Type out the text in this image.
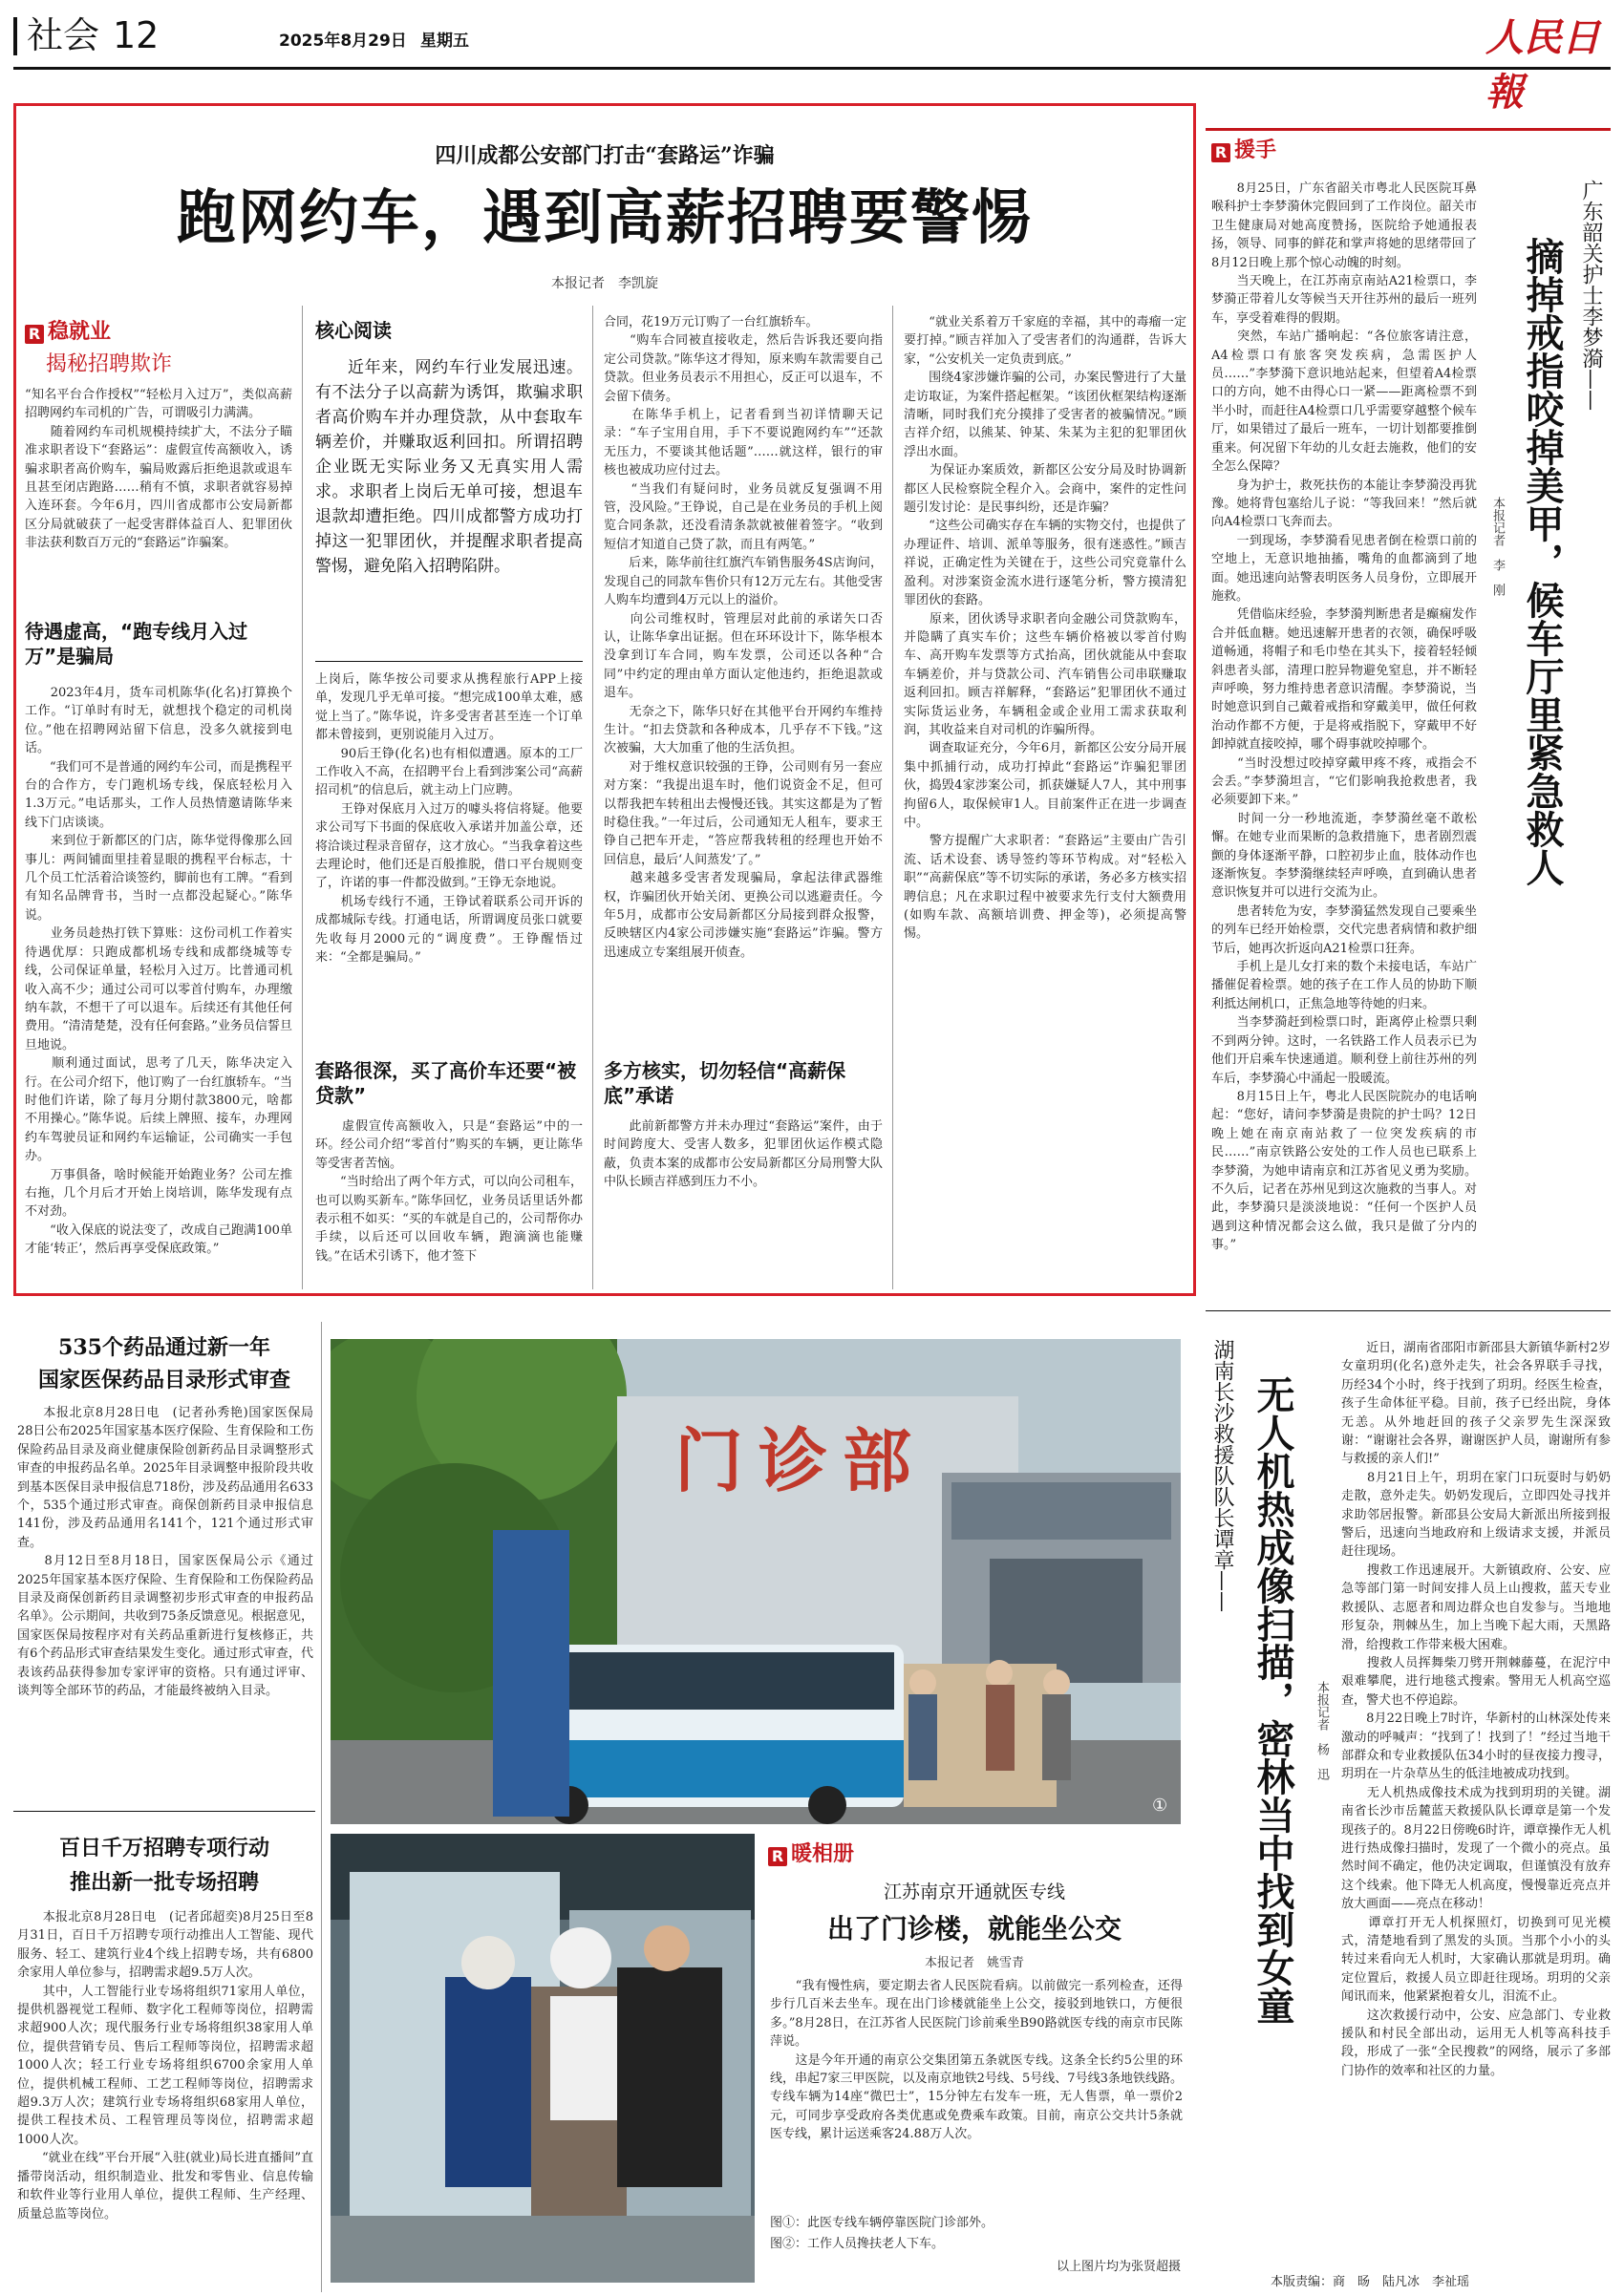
社会 12	2025年8月29日 星期五	人民日報
四川成都公安部门打击“套路运”诈骗
跑网约车，遇到高薪招聘要警惕
本报记者　李凯旋
R 稳就业
揭秘招聘欺诈
“知名平台合作授权”“轻松月入过万”，类似高薪招聘网约车司机的广告，可谓吸引力满满。
　　随着网约车司机规模持续扩大，不法分子瞄准求职者设下“套路运”：虚假宣传高额收入，诱骗求职者高价购车，骗局败露后拒绝退款或退车且甚至闭店跑路……稍有不慎，求职者就容易掉入连环套。今年6月，四川省成都市公安局新都区分局就破获了一起受害群体益百人、犯罪团伙非法获利数百万元的“套路运”诈骗案。
待遇虚高，“跑专线月入过万”是骗局
　　2023年4月，货车司机陈华(化名)打算换个工作。“订单时有时无，就想找个稳定的司机岗位。”他在招聘网站留下信息，没多久就接到电话。
　　“我们可不是普通的网约车公司，而是携程平台的合作方，专门跑机场专线，保底轻松月入1.3万元。”电话那头，工作人员热情邀请陈华来线下门店谈谈。
　　来到位于新都区的门店，陈华觉得像那么回事儿：两间铺面里挂着显眼的携程平台标志，十几个员工忙活着洽谈签约，脚前也有工牌。“看到有知名品牌背书，当时一点都没起疑心。”陈华说。
　　业务员趁热打铁下算账：这份司机工作着实待遇优厚：只跑成都机场专线和成都绕城等专线，公司保证单量，轻松月入过万。比普通司机收入高不少；通过公司可以零首付购车，办理缴纳车款，不想干了可以退车。后续还有其他任何费用。“清清楚楚，没有任何套路。”业务员信誓旦旦地说。
　　顺利通过面试，思考了几天，陈华决定入行。在公司介绍下，他订购了一台红旗轿车。“当时他们许诺，除了每月分期付款3800元，啥都不用操心。”陈华说。后续上牌照、接车，办理网约车驾驶员证和网约车运输证，公司确实一手包办。
　　万事俱备，啥时候能开始跑业务？公司左推右拖，几个月后才开始上岗培训，陈华发现有点不对劲。
　　“收入保底的说法变了，改成自己跑满100单才能‘转正’，然后再享受保底政策。”
核心阅读
近年来，网约车行业发展迅速。有不法分子以高薪为诱饵，欺骗求职者高价购车并办理贷款，从中套取车辆差价，并赚取返利回扣。所谓招聘企业既无实际业务又无真实用人需求。求职者上岗后无单可接，想退车退款却遭拒绝。四川成都警方成功打掉这一犯罪团伙，并提醒求职者提高警惕，避免陷入招聘陷阱。
上岗后，陈华按公司要求从携程旅行APP上接单，发现几乎无单可接。“想完成100单太难，感觉上当了。”陈华说，许多受害者甚至连一个订单都未曾接到，更别说能月入过万。
　　90后王铮(化名)也有相似遭遇。原本的工厂工作收入不高，在招聘平台上看到涉案公司“高薪招司机”的信息后，就主动上门应聘。
　　王铮对保底月入过万的噱头将信将疑。他要求公司写下书面的保底收入承诺并加盖公章，还将洽谈过程录音留存，这才放心。“当我拿着这些去理论时，他们还是百般推脱，借口平台规则变了，许诺的事一件都没做到。”王铮无奈地说。
　　机场专线行不通，王铮试着联系公司开诉的成都城际专线。打通电话，所谓调度员张口就要先收每月2000元的“调度费”。王铮醒悟过来：“全都是骗局。”
套路很深，买了高价车还要“被贷款”
　　虚假宣传高额收入，只是“套路运”中的一环。经公司介绍“零首付”购买的车辆，更让陈华等受害者苦恼。
　　“当时给出了两个年方式，可以向公司租车，也可以购买新车。”陈华回忆，业务员话里话外都表示租不如买：“买的车就是自己的，公司帮你办手续，以后还可以回收车辆，跑滴滴也能赚钱。”在话术引诱下，他才签下
合同，花19万元订购了一台红旗轿车。
　　“购车合同被直接收走，然后告诉我还要向指定公司贷款。”陈华这才得知，原来购车款需要自己贷款。但业务员表示不用担心，反正可以退车，不会留下债务。
　　在陈华手机上，记者看到当初详情聊天记录：“车子宝用自用，手下不要说跑网约车”“还款无压力，不要谈其他话题”……就这样，银行的审核也被成功应付过去。
　　“当我们有疑问时，业务员就反复强调不用管，没风险。”王铮说，自己是在业务员的手机上阅览合同条款，还没看清条款就被催着签字。“收到短信才知道自己贷了款，而且有两笔。”
　　后来，陈华前往红旗汽车销售服务4S店询问，发现自己的同款车售价只有12万元左右。其他受害人购车均遭到4万元以上的溢价。
　　向公司维权时，管理层对此前的承诺矢口否认，让陈华拿出证据。但在环环设计下，陈华根本没拿到订车合同，购车发票，公司还以各种“合同”中约定的理由单方面认定他违约，拒绝退款或退车。
　　无奈之下，陈华只好在其他平台开网约车维持生计。“扣去贷款和各种成本，几乎存不下钱。”这次被骗，大大加重了他的生活负担。
　　对于维权意识较强的王铮，公司则有另一套应对方案：“我提出退车时，他们说资金不足，但可以帮我把车转租出去慢慢还钱。其实这都是为了暂时稳住我。”一年过后，公司通知无人租车，要求王铮自己把车开走，“答应帮我转租的经理也开始不回信息，最后‘人间蒸发’了。”
　　越来越多受害者发现骗局，拿起法律武器维权，诈骗团伙开始关闭、更换公司以逃避责任。今年5月，成都市公安局新都区分局接到群众报警，反映辖区内4家公司涉嫌实施“套路运”诈骗。警方迅速成立专案组展开侦查。
多方核实，切勿轻信“高薪保底”承诺
　　此前新都警方并未办理过“套路运”案件，由于时间跨度大、受害人数多，犯罪团伙运作模式隐蔽，负责本案的成都市公安局新都区分局刑警大队中队长顾吉祥感到压力不小。
　　“就业关系着万千家庭的幸福，其中的毒瘤一定要打掉。”顾吉祥加入了受害者们的沟通群，告诉大家，“公安机关一定负责到底。”
　　围绕4家涉嫌诈骗的公司，办案民警进行了大量走访取证，为案件搭起框架。“该团伙框架结构逐渐清晰，同时我们充分摸排了受害者的被骗情况。”顾吉祥介绍，以熊某、钟某、朱某为主犯的犯罪团伙浮出水面。
　　为保证办案质效，新都区公安分局及时协调新都区人民检察院全程介入。会商中，案件的定性问题引发讨论：是民事纠纷，还是诈骗？
　　“这些公司确实存在车辆的实物交付，也提供了办理证件、培训、派单等服务，很有迷惑性。”顾吉祥说，正确定性为关键在于，这些公司究竟靠什么盈利。对涉案资金流水进行逐笔分析，警方摸清犯罪团伙的套路。
　　原来，团伙诱导求职者向金融公司贷款购车，并隐瞒了真实车价；这些车辆价格被以零首付购车、高开购车发票等方式抬高，团伙就能从中套取车辆差价，并与贷款公司、汽车销售公司串联赚取返利回扣。顾吉祥解释，“套路运”犯罪团伙不通过实际货运业务，车辆租金或企业用工需求获取利润，其收益来自对司机的诈骗所得。
　　调查取证充分，今年6月，新都区公安分局开展集中抓捕行动，成功打掉此“套路运”诈骗犯罪团伙，捣毁4家涉案公司，抓获嫌疑人7人，其中刑事拘留6人，取保候审1人。目前案件正在进一步调查中。
　　警方提醒广大求职者：“套路运”主要由广告引流、话术设套、诱导签约等环节构成。对“轻松入职”“高薪保底”等不切实际的承诺，务必多方核实招聘信息；凡在求职过程中被要求先行支付大额费用(如购车款、高额培训费、押金等)，必须提高警惕。
R 援手
广东韶关护士李梦漪——
摘掉戒指咬掉美甲，候车厅里紧急救人
本报记者　李　刚
　　8月25日，广东省韶关市粤北人民医院耳鼻喉科护士李梦漪休完假回到了工作岗位。韶关市卫生健康局对她高度赞扬，医院给予她通报表扬，领导、同事的鲜花和掌声将她的思绪带回了8月12日晚上那个惊心动魄的时刻。
　　当天晚上，在江苏南京南站A21检票口，李梦漪正带着儿女等候当天开往苏州的最后一班列车，享受着难得的假期。
　　突然，车站广播响起：“各位旅客请注意，A4检票口有旅客突发疾病，急需医护人员……”李梦漪下意识地站起来，但望着A4检票口的方向，她不由得心口一紧——距离检票不到半小时，而赶往A4检票口几乎需要穿越整个候车厅，如果错过了最后一班车，一切计划都要推倒重来。何况留下年幼的儿女赶去施救，他们的安全怎么保障？
　　身为护士，救死扶伤的本能让李梦漪没再犹豫。她将背包塞给儿子说：“等我回来！”然后就向A4检票口飞奔而去。
　　一到现场，李梦漪看见患者倒在检票口前的空地上，无意识地抽搐，嘴角的血都滴到了地面。她迅速向站警表明医务人员身份，立即展开施救。
　　凭借临床经验，李梦漪判断患者是癫痫发作合并低血糖。她迅速解开患者的衣领，确保呼吸道畅通，将帽子和毛巾垫在其头下，接着轻轻倾斜患者头部，清理口腔异物避免窒息，并不断轻声呼唤，努力维持患者意识清醒。李梦漪说，当时她意识到自己戴着戒指和穿戴美甲，做任何救治动作都不方便，于是将戒指脱下，穿戴甲不好卸掉就直接咬掉，哪个碍事就咬掉哪个。
　　“当时没想过咬掉穿戴甲疼不疼，戒指会不会丢。”李梦漪坦言，“它们影响我抢救患者，我必须要卸下来。”
　　时间一分一秒地流逝，李梦漪丝毫不敢松懈。在她专业而果断的急救措施下，患者剧烈震颤的身体逐渐平静，口腔初步止血，肢体动作也逐渐恢复。李梦漪继续轻声呼唤，直到确认患者意识恢复并可以进行交流为止。
　　患者转危为安，李梦漪猛然发现自己要乘坐的列车已经开始检票，交代完患者病情和救护细节后，她再次折返向A21检票口狂奔。
　　手机上是儿女打来的数个未接电话，车站广播催促着检票。她的孩子在工作人员的协助下顺利抵达闸机口，正焦急地等待她的归来。
　　当李梦漪赶到检票口时，距离停止检票只剩不到两分钟。这时，一名铁路工作人员表示已为他们开启乘车快速通道。顺利登上前往苏州的列车后，李梦漪心中涌起一股暖流。
　　8月15日上午，粤北人民医院院办的电话响起：“您好，请问李梦漪是贵院的护士吗？12日晚上她在南京南站救了一位突发疾病的市民……”南京铁路公安处的工作人员也已联系上李梦漪，为她申请南京和江苏省见义勇为奖励。不久后，记者在苏州见到这次施救的当事人。对此，李梦漪只是淡淡地说：“任何一个医护人员遇到这种情况都会这么做，我只是做了分内的事。”
535个药品通过新一年
国家医保药品目录形式审查
　　本报北京8月28日电　(记者孙秀艳)国家医保局28日公布2025年国家基本医疗保险、生育保险和工伤保险药品目录及商业健康保险创新药品目录调整形式审查的申报药品名单。2025年目录调整申报阶段共收到基本医保目录申报信息718份，涉及药品通用名633个，535个通过形式审查。商保创新药目录申报信息141份，涉及药品通用名141个，121个通过形式审查。
　　8月12日至8月18日，国家医保局公示《通过2025年国家基本医疗保险、生育保险和工伤保险药品目录及商保创新药目录调整初步形式审查的申报药品名单》。公示期间，共收到75条反馈意见。根据意见，国家医保局按程序对有关药品重新进行复核修正，共有6个药品形式审查结果发生变化。通过形式审查，代表该药品获得参加专家评审的资格。只有通过评审、谈判等全部环节的药品，才能最终被纳入目录。
百日千万招聘专项行动
推出新一批专场招聘
　　本报北京8月28日电　(记者邱超奕)8月25日至8月31日，百日千万招聘专项行动推出人工智能、现代服务、轻工、建筑行业4个线上招聘专场，共有6800余家用人单位参与，招聘需求超9.5万人次。
　　其中，人工智能行业专场将组织71家用人单位，提供机器视觉工程师、数字化工程师等岗位，招聘需求超900人次；现代服务行业专场将组织38家用人单位，提供营销专员、售后工程师等岗位，招聘需求超1000人次；轻工行业专场将组织6700余家用人单位，提供机械工程师、工艺工程师等岗位，招聘需求超9.3万人次；建筑行业专场将组织68家用人单位，提供工程技术员、工程管理员等岗位，招聘需求超1000人次。
　　“就业在线”平台开展“入驻(就业)局长进直播间”直播带岗活动，组织制造业、批发和零售业、信息传输和软件业等行业用人单位，提供工程师、生产经理、质量总监等岗位。
门诊部
①
R 暖相册
江苏南京开通就医专线
出了门诊楼，就能坐公交
本报记者　姚雪青
　　“我有慢性病，要定期去省人民医院看病。以前做完一系列检查，还得步行几百米去坐车。现在出门诊楼就能坐上公交，接驳到地铁口，方便很多。”8月28日，在江苏省人民医院门诊前乘坐B90路就医专线的南京市民陈萍说。
　　这是今年开通的南京公交集团第五条就医专线。这条全长约5公里的环线，串起7家三甲医院，以及南京地铁2号线、5号线、7号线3条地铁线路。专线车辆为14座“微巴士”，15分钟左右发车一班，无人售票，单一票价2元，可同步享受政府各类优惠或免费乘车政策。目前，南京公交共计5条就医专线，累计运送乘客24.88万人次。
图①：此医专线车辆停靠医院门诊部外。
图②：工作人员搀扶老人下车。
以上图片均为张贤超摄
湖南长沙救援队队长谭章—— 无人机热成像扫描，密林当中找到女童 本报记者　杨　迅
　　近日，湖南省邵阳市新邵县大新镇华新村2岁女童玥玥(化名)意外走失，社会各界联手寻找，历经34个小时，终于找到了玥玥。经医生检查，孩子生命体征平稳。目前，孩子已经出院，身体无恙。从外地赶回的孩子父亲罗先生深深致谢：“谢谢社会各界，谢谢医护人员，谢谢所有参与救援的亲人们!”
　　8月21日上午，玥玥在家门口玩耍时与奶奶走散，意外走失。奶奶发现后，立即四处寻找并求助邻居报警。新邵县公安局大新派出所接到报警后，迅速向当地政府和上级请求支援，并派员赶往现场。
　　搜救工作迅速展开。大新镇政府、公安、应急等部门第一时间安排人员上山搜救，蓝天专业救援队、志愿者和周边群众也自发参与。当地地形复杂，荆棘丛生，加上当晚下起大雨，天黑路滑，给搜救工作带来极大困难。
　　搜救人员挥舞柴刀劈开荆棘藤蔓，在泥泞中艰难攀爬，进行地毯式搜索。警用无人机高空巡查，警犬也不停追踪。
　　8月22日晚上7时许，华新村的山林深处传来激动的呼喊声：“找到了！找到了！”经过当地干部群众和专业救援队伍34小时的昼夜接力搜寻，玥玥在一片杂草丛生的低洼地被成功找到。
　　无人机热成像技术成为找到玥玥的关键。湖南省长沙市岳麓蓝天救援队队长谭章是第一个发现孩子的。8月22日傍晚6时许，谭章操作无人机进行热成像扫描时，发现了一个微小的亮点。虽然时间不确定，他仍决定调取，但谨慎没有放弃这个线索。他下降无人机高度，慢慢靠近亮点并放大画面——亮点在移动！
　　谭章打开无人机探照灯，切换到可见光模式，清楚地看到了黑发的头顶。当那个小小的头转过来看向无人机时，大家确认那就是玥玥。确定位置后，救援人员立即赶往现场。玥玥的父亲闻讯而来，他紧紧抱着女儿，泪流不止。
　　这次救援行动中，公安、应急部门、专业救援队和村民全部出动，运用无人机等高科技手段，形成了一张“全民搜救”的网络，展示了多部门协作的效率和社区的力量。
本版责编：商　旸　陆凡冰　李祉瑶
